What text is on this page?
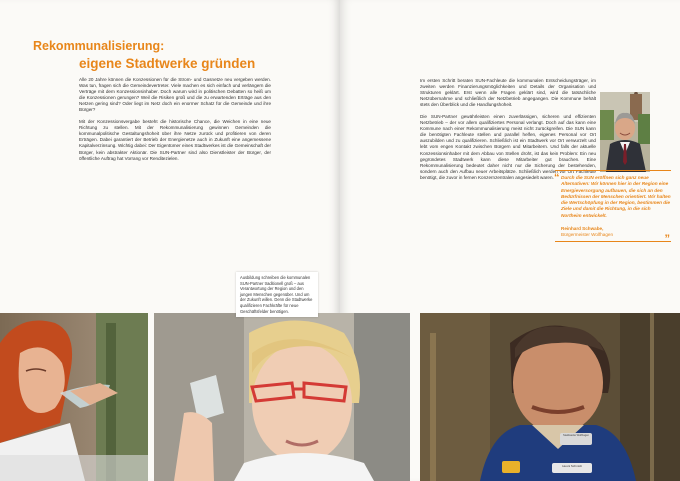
Rekommunalisierung:
eigene Stadtwerke gründen

Alle 20 Jahre können die Konzessionen für die Strom- und Gasnetze neu vergeben werden. Was tun, fragen sich die Gemeindevertreter. Viele machen es sich einfach und verlängern die Verträge mit dem Konzessionsinhaber. Doch warum wird in politischen Debatten so heiß um die Konzessionen gerungen? Weil die Risiken groß und die zu erwartenden Erträge aus den Netzen gering sind? Oder liegt im Netz doch ein enormer Schatz für die Gemeinde und ihre Bürger?

Mit der Konzessionsvergabe besteht die historische Chance, die Weichen in eine neue Richtung zu stellen. Mit der Rekommunalisierung gewinnen Gemeinden die kommunalpolitische Gestaltungshoheit über ihre Netze zurück und profitieren von deren Erträgen. Dabei garantiert der Betrieb der Energienetze auch in Zukunft eine angemessene Kapitalverzinsung. Wichtig dabei: Der Eigentümer eines Stadtwerkes ist die Gemeinschaft der Bürger, kein abstrakter Aktionär. Die SUN-Partner sind also Dienstleister der Bürger, der öffentliche Auftrag hat Vorrang vor Renditezielen.

Im ersten Schritt beraten SUN-Fachleute die kommunalen Entscheidungsträger, im zweiten werden Finanzierungsmöglichkeiten und Details der Organisation und Strukturen geklärt. Erst wenn alle Fragen geklärt sind, wird die tatsächliche Netzübernahme und schließlich der Netzbetrieb angegangen. Die Kommune behält stets den Überblick und die Handlungshoheit.

Die SUN-Partner gewährleisten einen zuverlässigen, sicheren und effizienten Netzbetrieb – der vor allem qualifiziertes Personal verlangt. Doch auf das kann eine Kommune nach einer Rekommunalisierung meist nicht zurückgreifen. Die SUN kann die benötigten Fachleute stellen und parallel helfen, eigenes Personal vor Ort auszubilden und zu qualifizieren. Schließlich ist ein Stadtwerk vor Ort verwurzelt und lebt vom engen Kontakt zwischen Bürgern und Mitarbeitern. Und falls der aktuelle Konzessionsinhaber mit dem Abbau von Stellen droht, ist das kein Problem: Ein neu gegründetes Stadtwerk kann diese Mitarbeiter gut brauchen. Eine Rekommunalisierung bedeutet daher nicht nur die Sicherung der bestehenden, sondern auch den Aufbau neuer Arbeitsplätze. Schließlich werden vor Ort Fachleute benötigt, die zuvor in fernen Konzernzentralen angesiedelt waren. “ Durch die SUN eröffnen sich ganz neue Alternativen: Wir können hier in der Region eine Energieversorgung aufbauen, die sich an den Bedürfnissen der Menschen orientiert. Wir halten die Wertschöpfung in der Region, bestimmen die Ziele und damit die Richtung, in die sich Northeim entwickelt.
”
Reinhard Schwabe,
Bürgermeister Wolfhagen
Stadtwerke Wolfhagen
Heuni Schmidt
Ausbildung schreiben die kommunalen SUN-Partner traditionell groß – aus Verantwortung der Region und den jungen Menschen gegenüber. Und um der Zukunft willen. Denn die Stadtwerke qualifizieren Fachkräfte für neue Geschäftsfelder benötigen.
